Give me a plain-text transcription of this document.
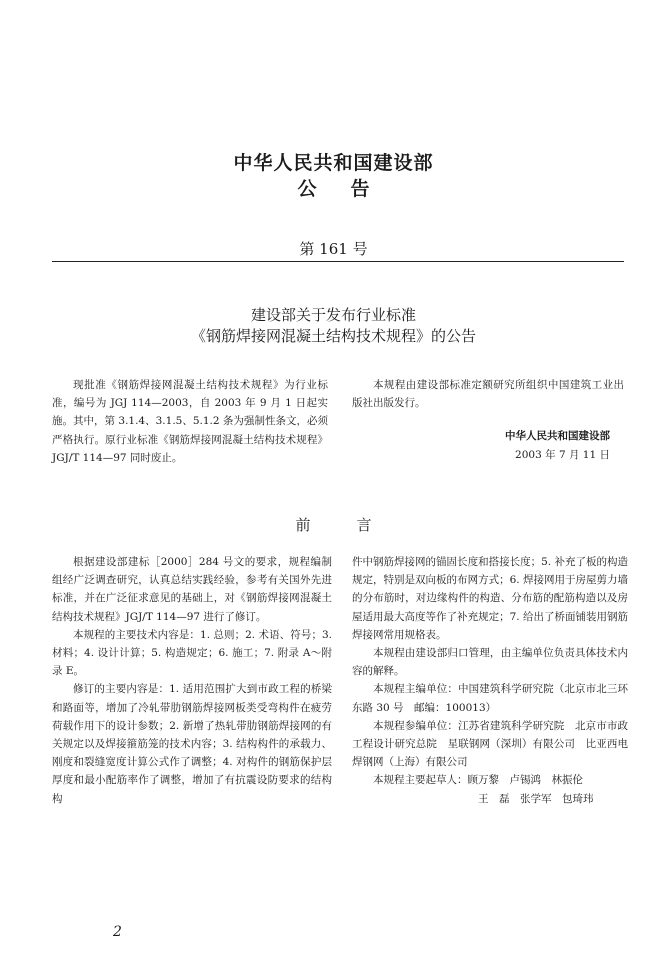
中华人民共和国建设部
公告
第 161 号
建设部关于发布行业标准
《钢筋焊接网混凝土结构技术规程》的公告

现批准《钢筋焊接网混凝土结构技术规程》为行业标准，编号为 JGJ 114—2003，自 2003 年 9 月 1 日起实施。其中，第 3.1.4、3.1.5、5.1.2 条为强制性条文，必须严格执行。原行业标准《钢筋焊接网混凝土结构技术规程》JGJ/T 114—97 同时废止。

本规程由建设部标准定额研究所组织中国建筑工业出版社出版发行。

中华人民共和国建设部
2003 年 7 月 11 日
前言

根据建设部建标［2000］284 号文的要求，规程编制组经广泛调查研究，认真总结实践经验，参考有关国外先进标准，并在广泛征求意见的基础上，对《钢筋焊接网混凝土结构技术规程》JGJ/T 114—97 进行了修订。

本规程的主要技术内容是：1. 总则；2. 术语、符号；3. 材料；4. 设计计算；5. 构造规定；6. 施工；7. 附录 A～附录 E。

修订的主要内容是：1. 适用范围扩大到市政工程的桥梁和路面等，增加了冷轧带肋钢筋焊接网板类受弯构件在疲劳荷载作用下的设计参数；2. 新增了热轧带肋钢筋焊接网的有关规定以及焊接箍筋笼的技术内容；3. 结构构件的承载力、刚度和裂缝宽度计算公式作了调整；4. 对构件的钢筋保护层厚度和最小配筋率作了调整，增加了有抗震设防要求的结构构

件中钢筋焊接网的锚固长度和搭接长度；5. 补充了板的构造规定，特别是双向板的布网方式；6. 焊接网用于房屋剪力墙的分布筋时，对边缘构件的构造、分布筋的配筋构造以及房屋适用最大高度等作了补充规定；7. 给出了桥面铺装用钢筋焊接网常用规格表。

本规程由建设部归口管理，由主编单位负责具体技术内容的解释。

本规程主编单位：中国建筑科学研究院（北京市北三环东路 30 号　邮编：100013）

本规程参编单位：江苏省建筑科学研究院　北京市市政工程设计研究总院　星联钢网（深圳）有限公司　比亚西电焊钢网（上海）有限公司

本规程主要起草人：顾万黎　卢锡鸿　林振伦

王　磊　张学军　包琦玮
2
